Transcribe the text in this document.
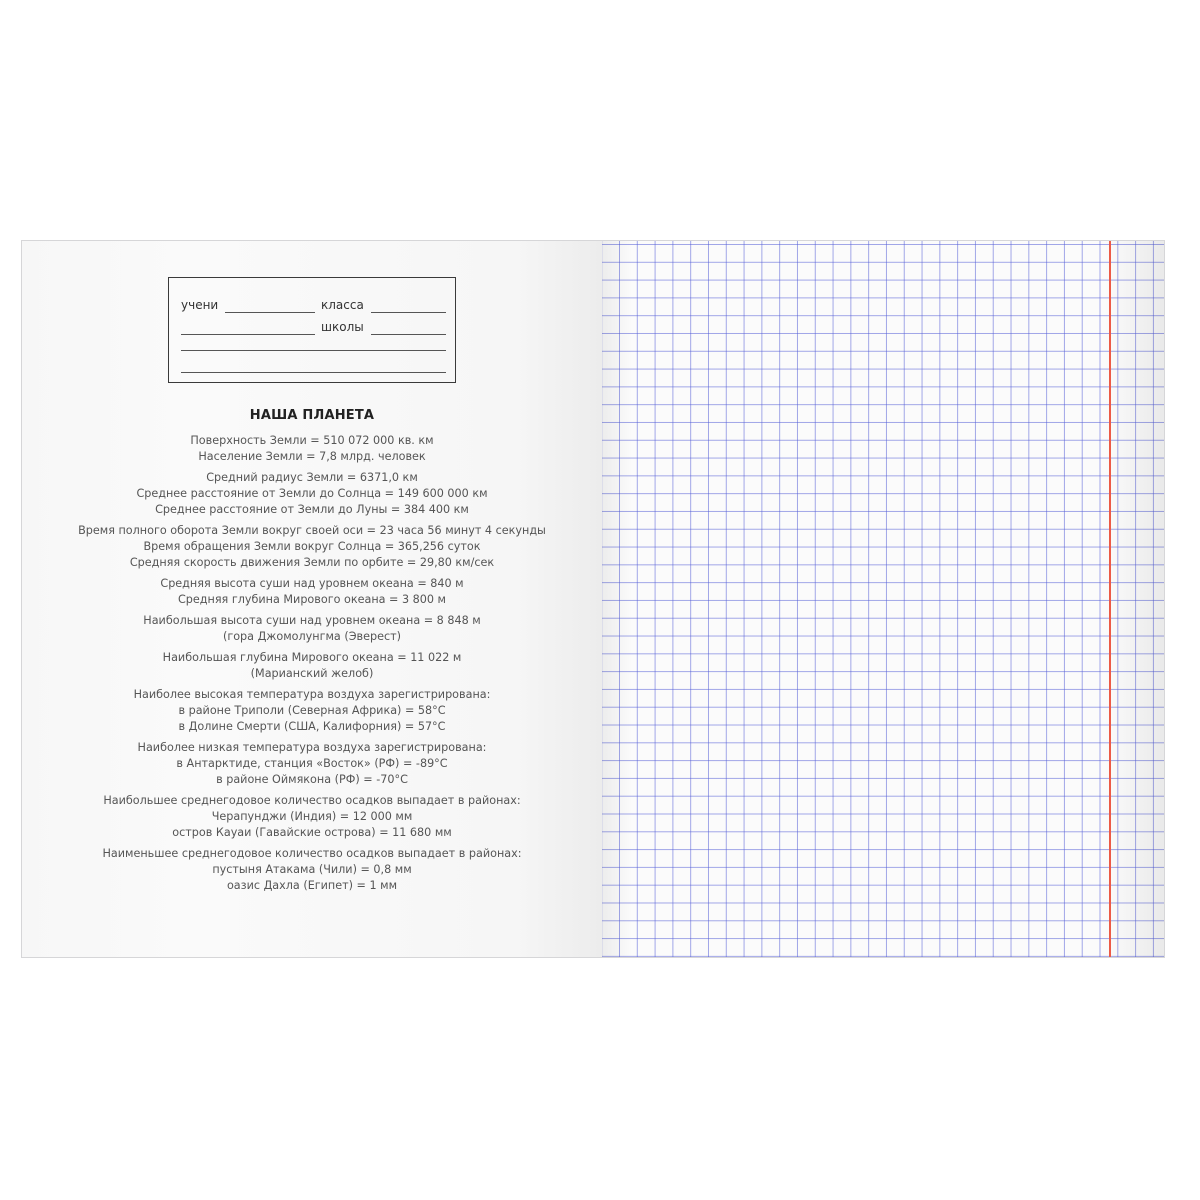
учени	класса
школы
НАША ПЛАНЕТА
Поверхность Земли = 510 072 000 кв. км
Население Земли = 7,8 млрд. человек
Средний радиус Земли = 6371,0 км
Среднее расстояние от Земли до Солнца = 149 600 000 км
Среднее расстояние от Земли до Луны = 384 400 км
Время полного оборота Земли вокруг своей оси = 23 часа 56 минут 4 секунды
Время обращения Земли вокруг Солнца = 365,256 суток
Средняя скорость движения Земли по орбите = 29,80 км/сек
Средняя высота суши над уровнем океана = 840 м
Средняя глубина Мирового океана = 3 800 м
Наибольшая высота суши над уровнем океана = 8 848 м
(гора Джомолунгма (Эверест)
Наибольшая глубина Мирового океана = 11 022 м
(Марианский желоб)
Наиболее высокая температура воздуха зарегистрирована:
в районе Триполи (Северная Африка) = 58°С
в Долине Смерти (США, Калифорния) = 57°С
Наиболее низкая температура воздуха зарегистрирована:
в Антарктиде, станция «Восток» (РФ) = -89°С
в районе Оймякона (РФ) = -70°С
Наибольшее среднегодовое количество осадков выпадает в районах:
Черапунджи (Индия) = 12 000 мм
остров Кауаи (Гавайские острова) = 11 680 мм
Наименьшее среднегодовое количество осадков выпадает в районах:
пустыня Атакама (Чили) = 0,8 мм
оазис Дахла (Египет) = 1 мм
